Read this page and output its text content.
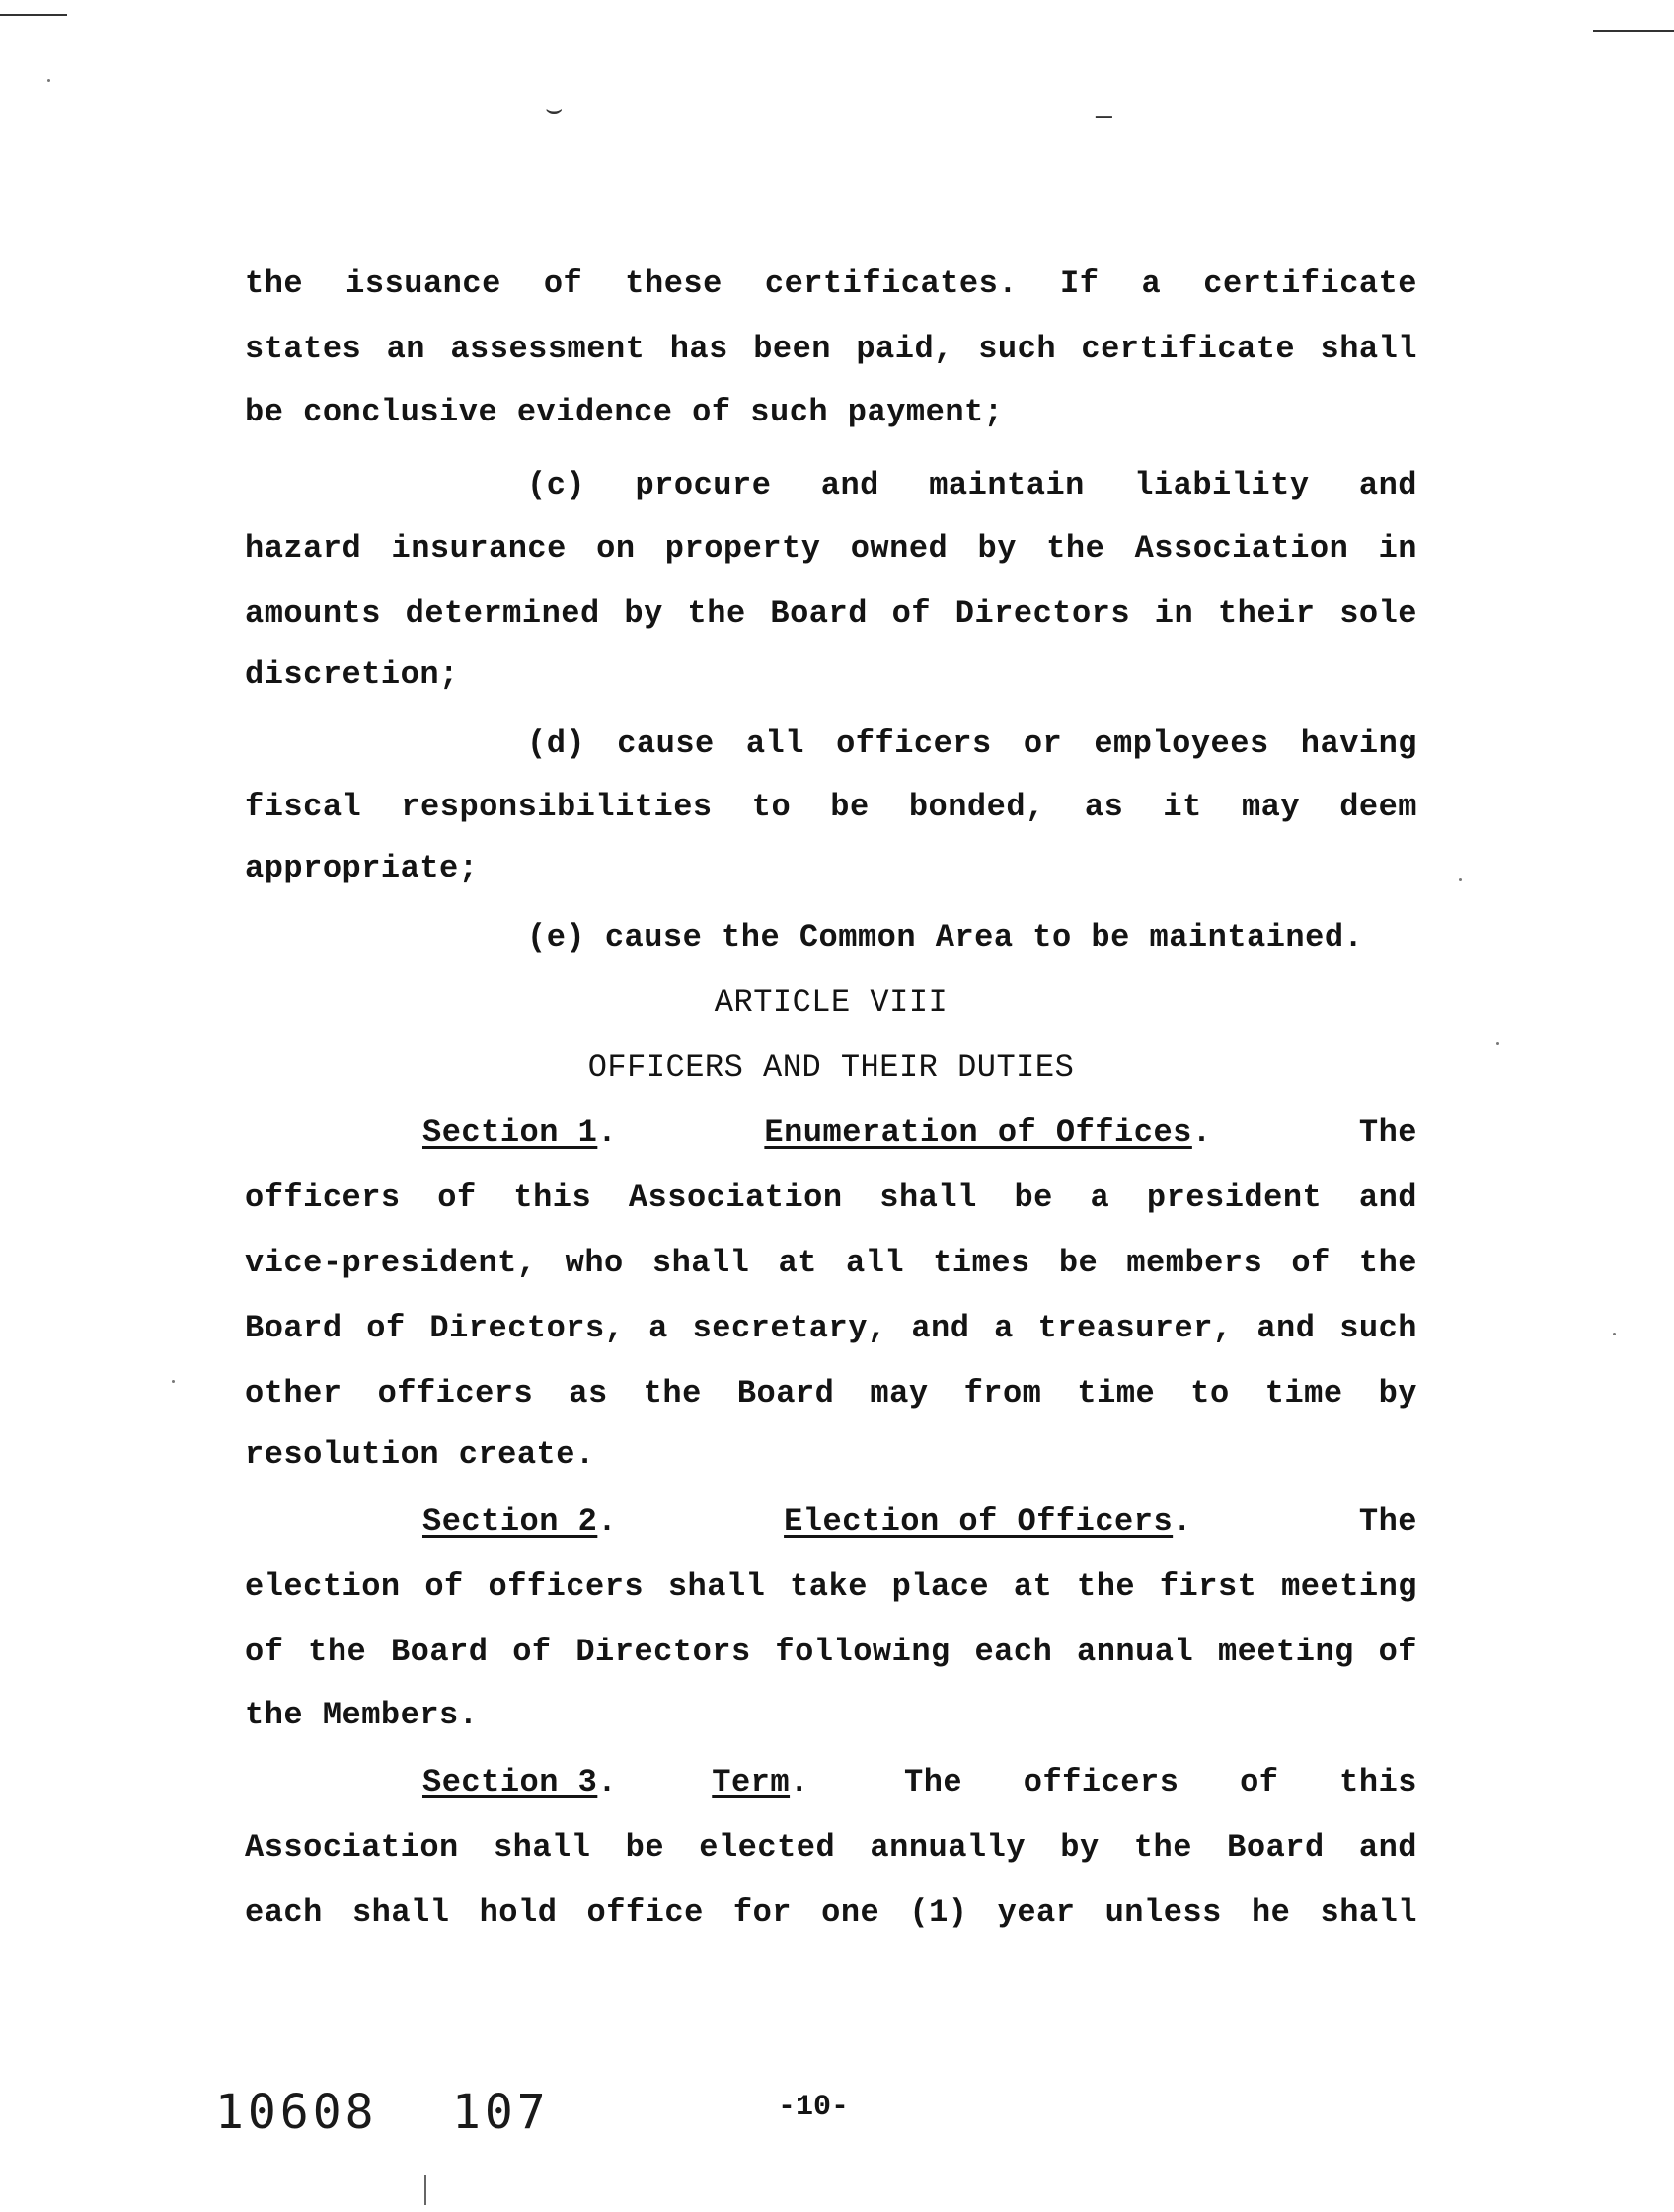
⌣	―
the issuance of these certificates. If a certificate
states an assessment has been paid, such certificate shall
be conclusive evidence of such payment;
(c) procure and maintain liability and
hazard insurance on property owned by the Association in
amounts determined by the Board of Directors in their sole
discretion;
(d) cause all officers or employees having
fiscal responsibilities to be bonded, as it may deem
appropriate;
(e) cause the Common Area to be maintained.
ARTICLE VIII
OFFICERS AND THEIR DUTIES
Section 1.	Enumeration of Offices.	The
officers of this Association shall be a president and
vice-president, who shall at all times be members of the
Board of Directors, a secretary, and a treasurer, and such
other officers as the Board may from time to time by
resolution create.
Section 2.	Election of Officers.	The
election of officers shall take place at the first meeting
of the Board of Directors following each annual meeting of
the Members.
Section 3.	Term.	The officers of this
Association shall be elected annually by the Board and
each shall hold office for one (1) year unless he shall
10608 107	-10-
